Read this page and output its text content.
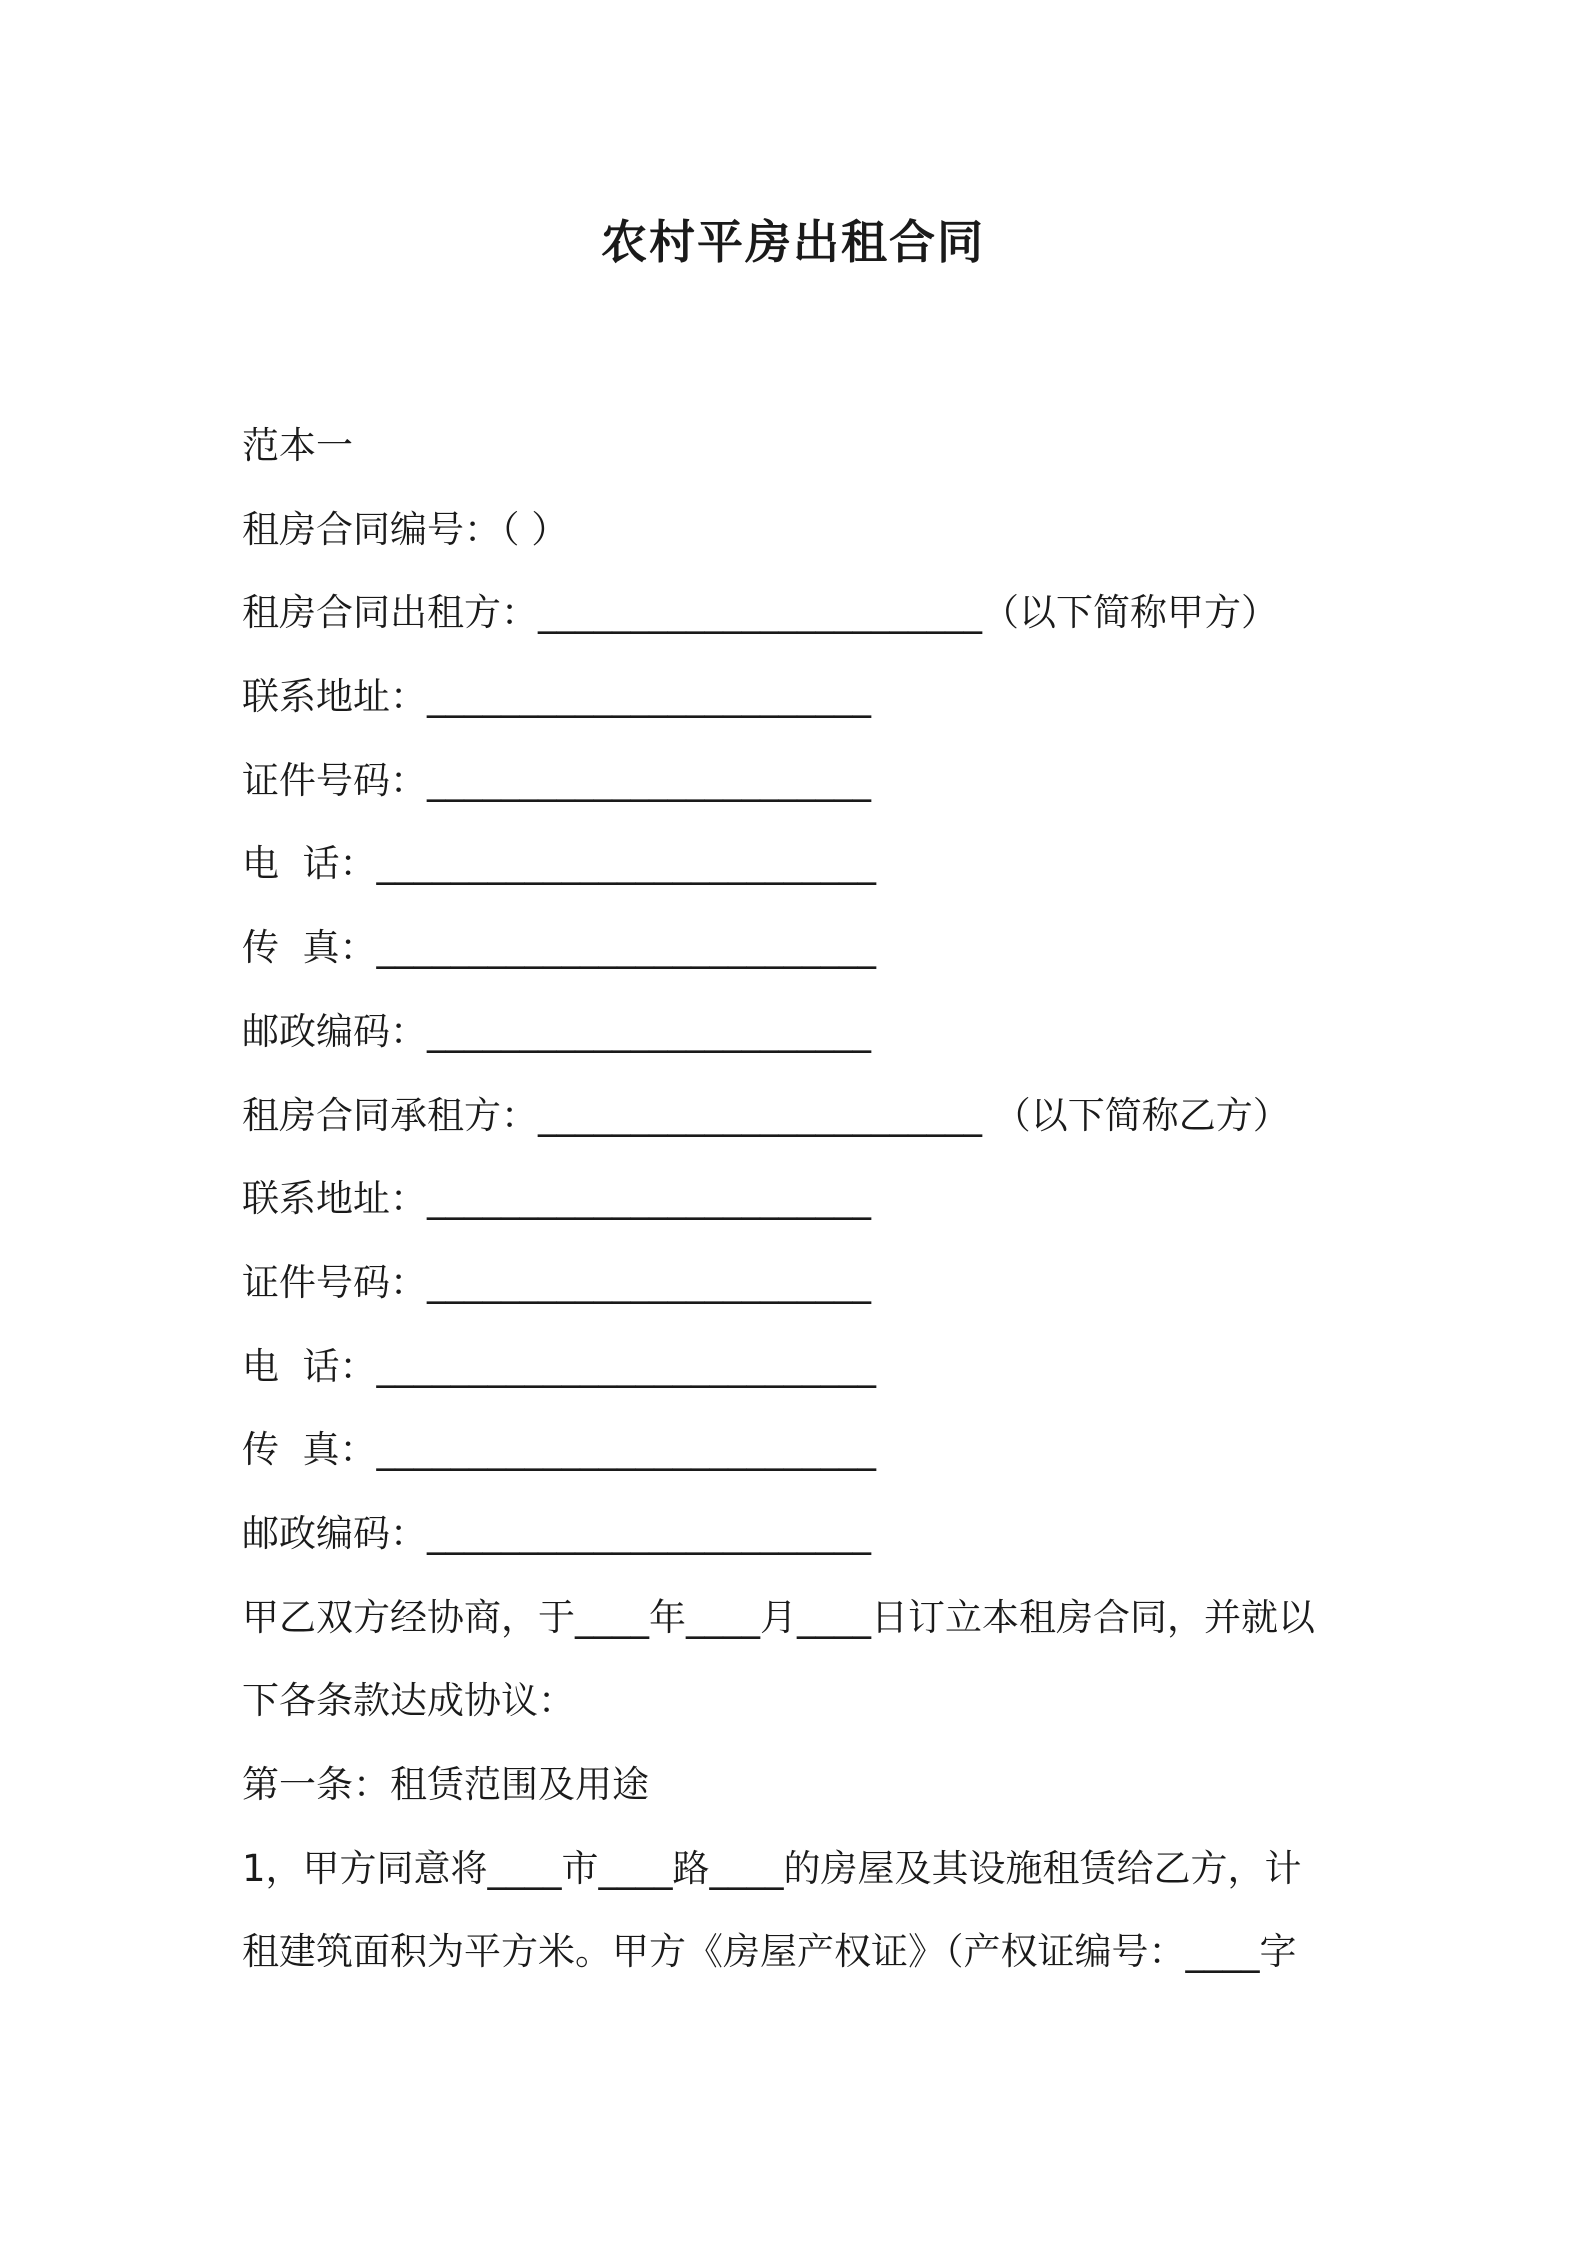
农村平房出租合同
范本一
租房合同编号：（ ）
租房合同出租方：________________________（以下简称甲方）
联系地址：________________________
证件号码：________________________
电  话：___________________________
传  真：___________________________
邮政编码：________________________
租房合同承租方：________________________ （以下简称乙方）
联系地址：________________________
证件号码：________________________
电  话：___________________________
传  真：___________________________
邮政编码：________________________
甲乙双方经协商，于____年____月____日订立本租房合同，并就以
下各条款达成协议：
第一条：租赁范围及用途
1，甲方同意将____市____路____的房屋及其设施租赁给乙方，计
租建筑面积为平方米。甲方《房屋产权证》（产权证编号：____字
